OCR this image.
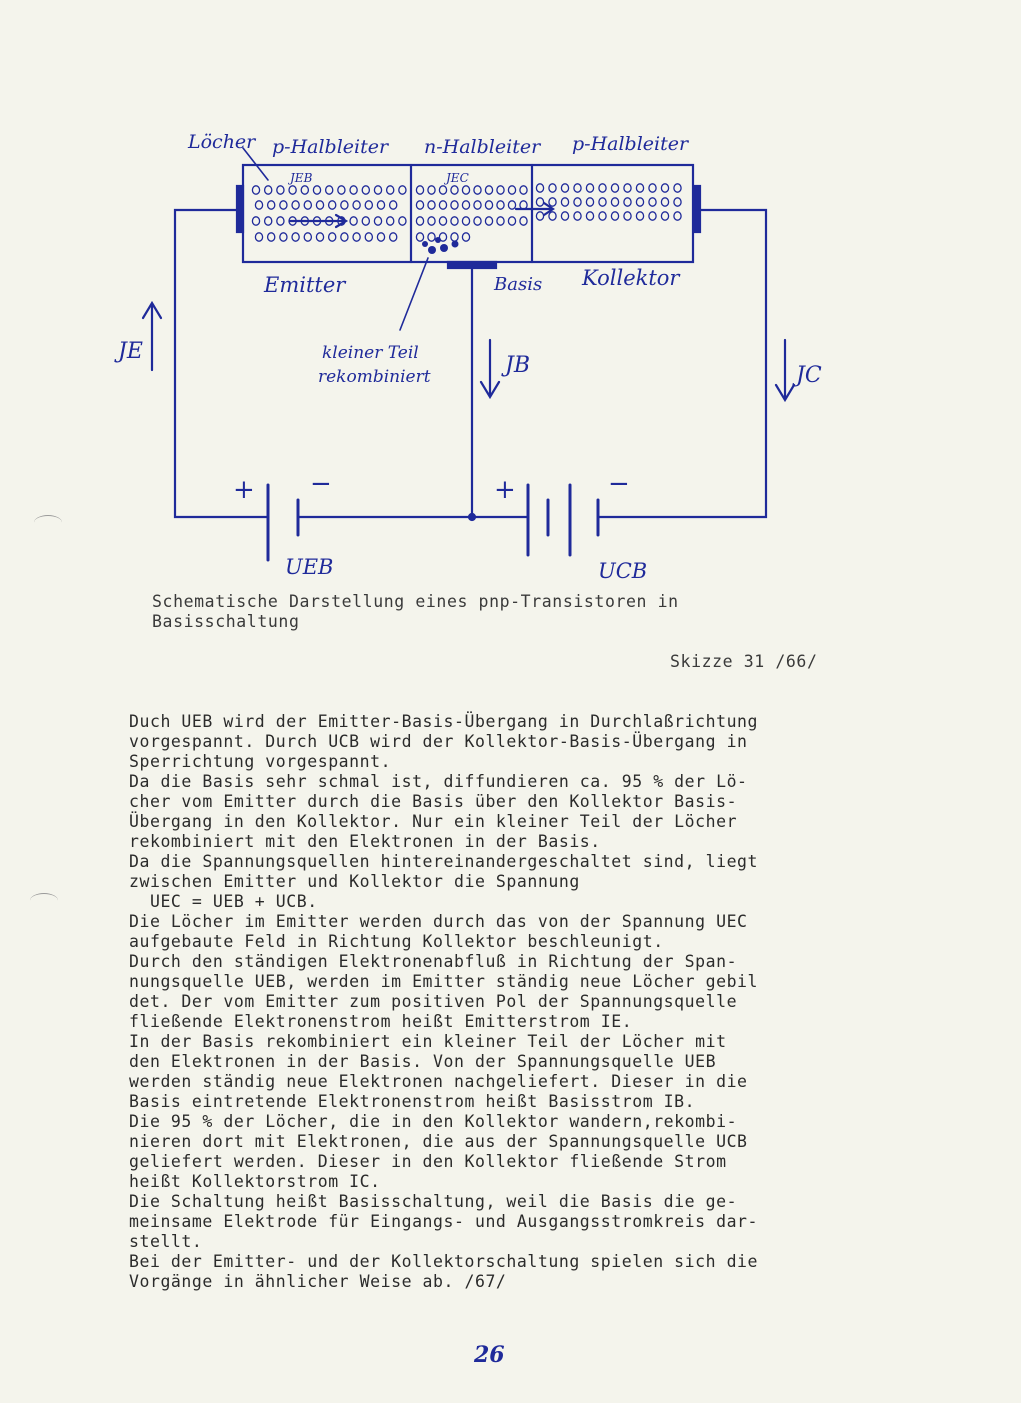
Löcher p-Halbleiter n-Halbleiter p-Halbleiter
JEB	JEC
Emitter	Basis Kollektor
kleiner Teil
rekombiniert
JE
JB	JC
+ −	+	−
UEB	UCB
Schematische Darstellung eines pnp-Transistoren in
Basisschaltung
Skizze 31 /66/
Duch UEB wird der Emitter-Basis-Übergang in Durchlaßrichtung
vorgespannt. Durch UCB wird der Kollektor-Basis-Übergang in
Sperrichtung vorgespannt.
Da die Basis sehr schmal ist, diffundieren ca. 95 % der Lö-
cher vom Emitter durch die Basis über den Kollektor Basis-
Übergang in den Kollektor. Nur ein kleiner Teil der Löcher
rekombiniert mit den Elektronen in der Basis.
Da die Spannungsquellen hintereinandergeschaltet sind, liegt
zwischen Emitter und Kollektor die Spannung
UEC = UEB + UCB.
Die Löcher im Emitter werden durch das von der Spannung UEC
aufgebaute Feld in Richtung Kollektor beschleunigt.
Durch den ständigen Elektronenabfluß in Richtung der Span-
nungsquelle UEB, werden im Emitter ständig neue Löcher gebil
det. Der vom Emitter zum positiven Pol der Spannungsquelle
fließende Elektronenstrom heißt Emitterstrom IE.
In der Basis rekombiniert ein kleiner Teil der Löcher mit
den Elektronen in der Basis. Von der Spannungsquelle UEB
werden ständig neue Elektronen nachgeliefert. Dieser in die
Basis eintretende Elektronenstrom heißt Basisstrom IB.
Die 95 % der Löcher, die in den Kollektor wandern,rekombi-
nieren dort mit Elektronen, die aus der Spannungsquelle UCB
geliefert werden. Dieser in den Kollektor fließende Strom
heißt Kollektorstrom IC.
Die Schaltung heißt Basisschaltung, weil die Basis die ge-
meinsame Elektrode für Eingangs- und Ausgangsstromkreis dar-
stellt.
Bei der Emitter- und der Kollektorschaltung spielen sich die
Vorgänge in ähnlicher Weise ab. /67/
26
